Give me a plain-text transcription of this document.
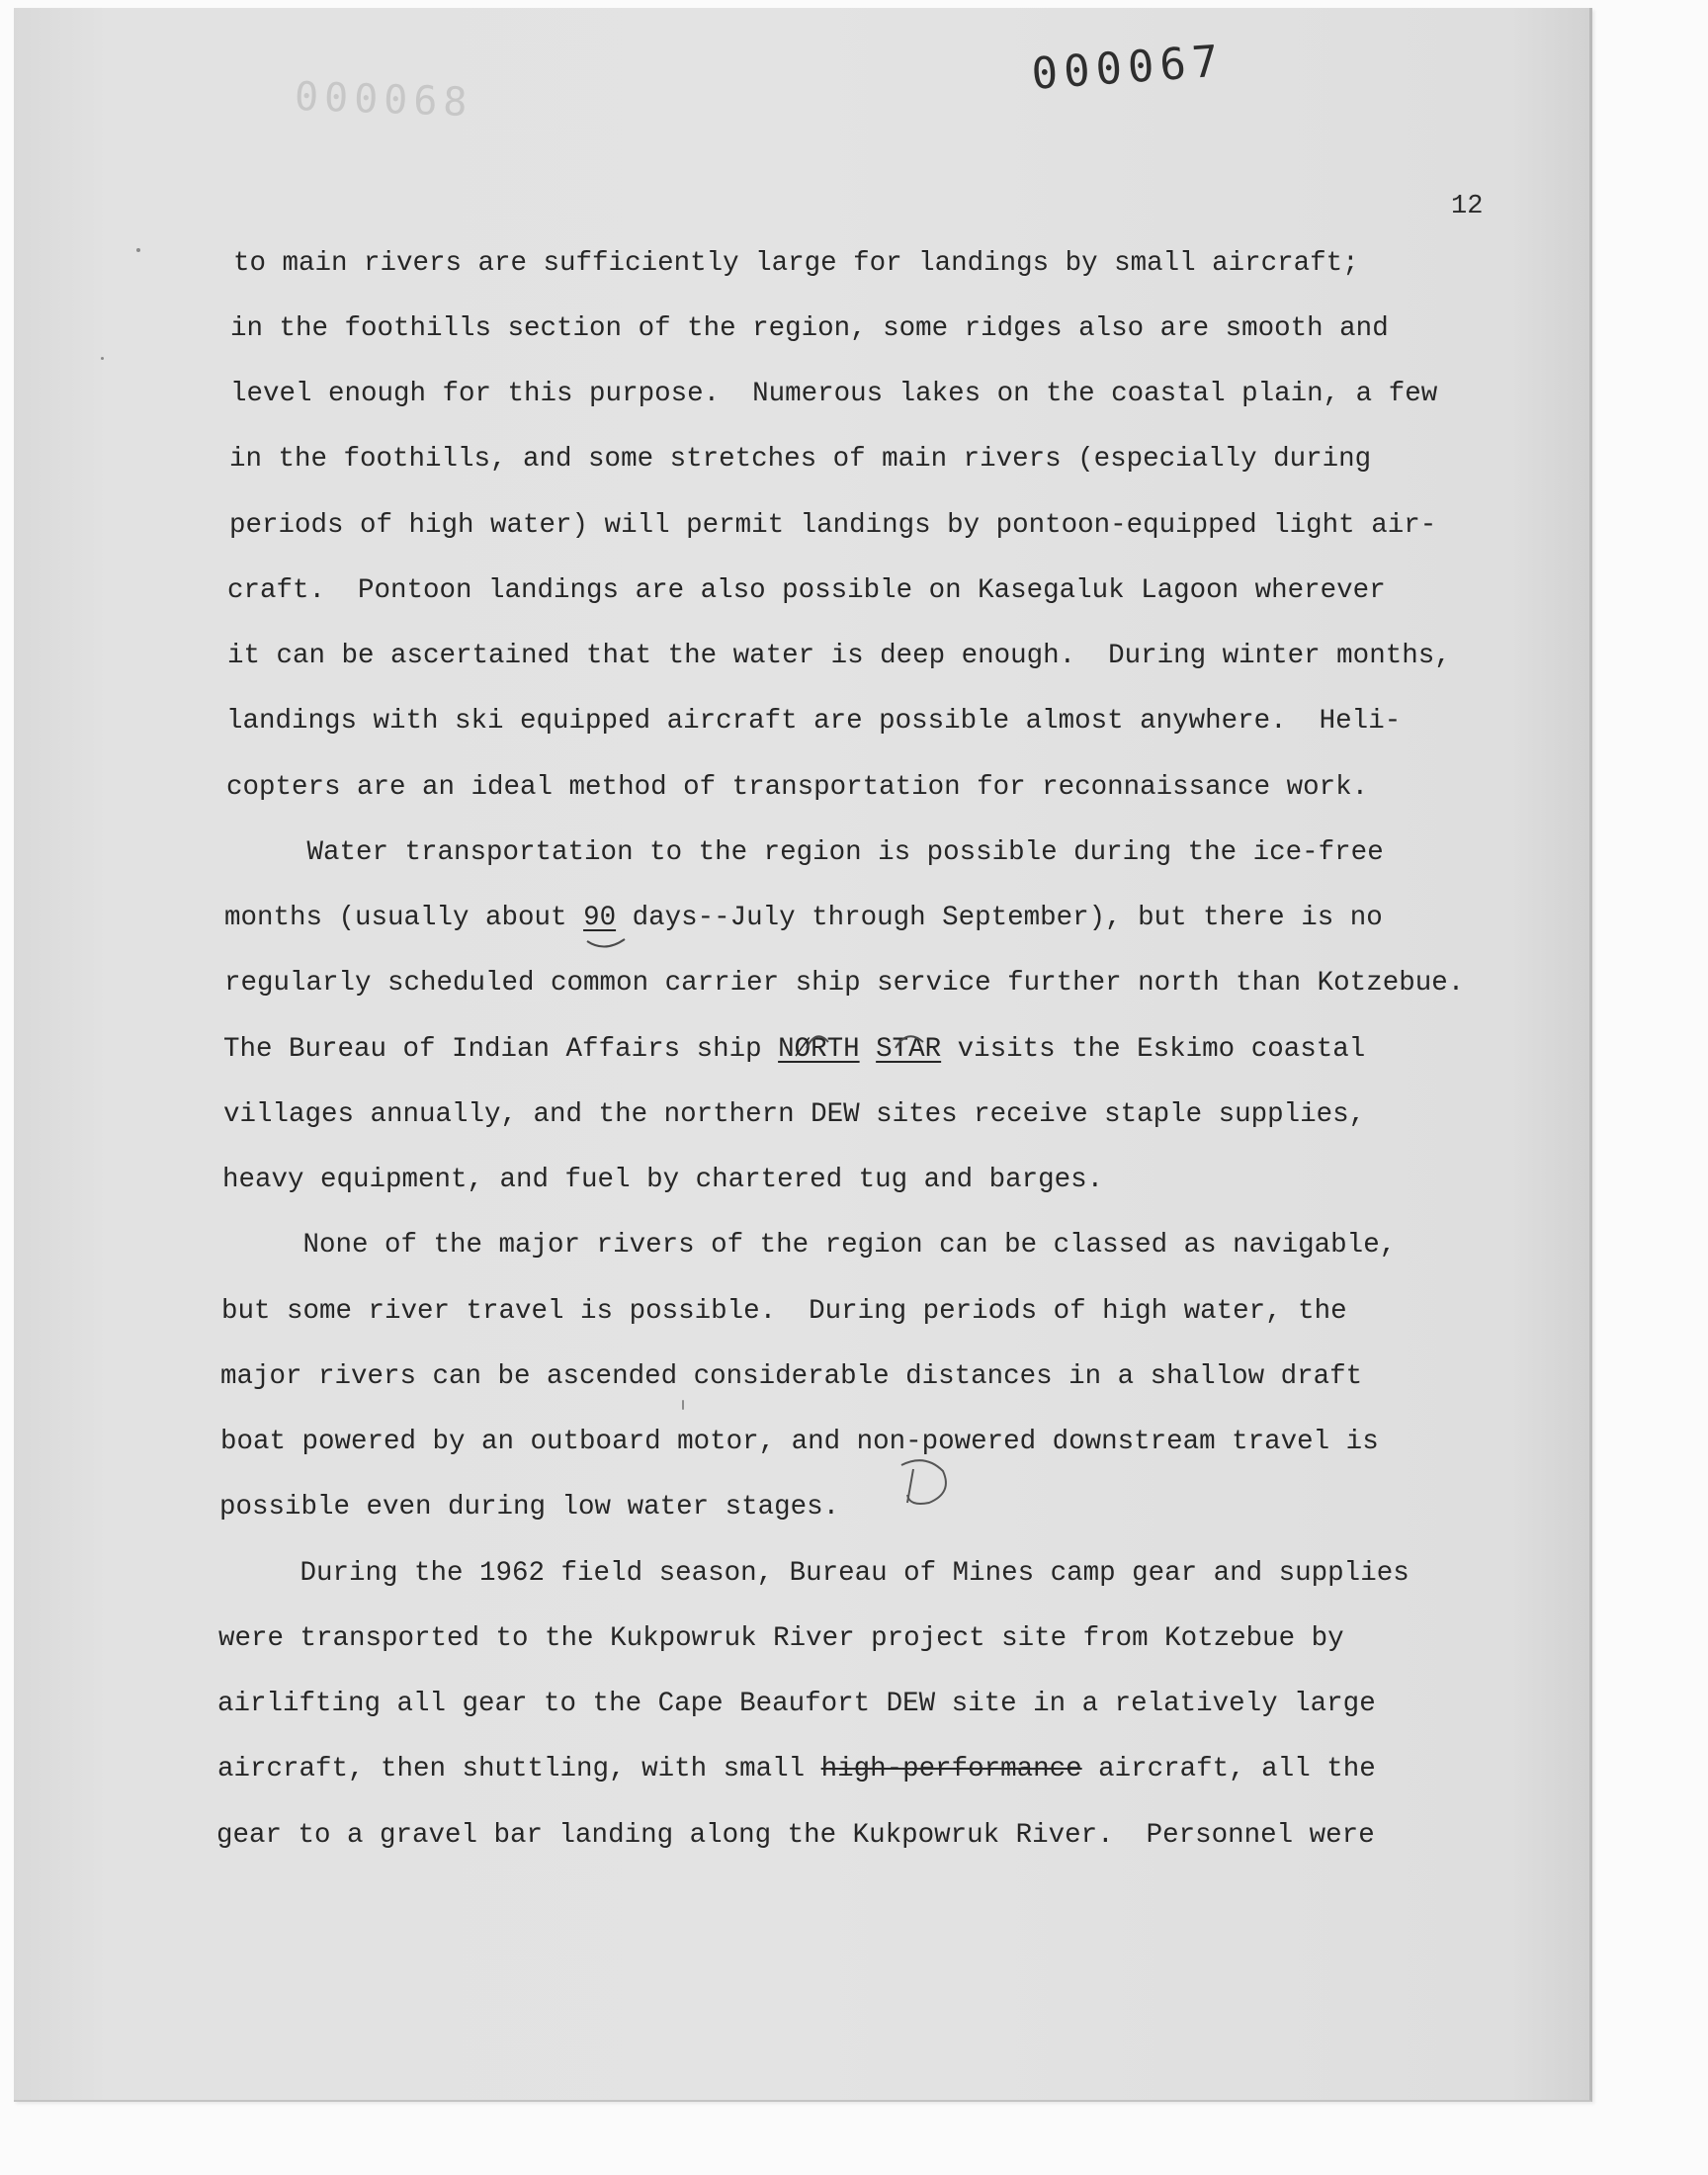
000068
000067
12
to main rivers are sufficiently large for landings by small aircraft;
in the foothills section of the region, some ridges also are smooth and
level enough for this purpose.  Numerous lakes on the coastal plain, a few
in the foothills, and some stretches of main rivers (especially during
periods of high water) will permit landings by pontoon-equipped light air-
craft.  Pontoon landings are also possible on Kasegaluk Lagoon wherever
it can be ascertained that the water is deep enough.  During winter months,
landings with ski equipped aircraft are possible almost anywhere.  Heli-
copters are an ideal method of transportation for reconnaissance work.
Water transportation to the region is possible during the ice-free
months (usually about 90 days--July through September), but there is no
regularly scheduled common carrier ship service further north than Kotzebue.
The Bureau of Indian Affairs ship NØRTH STAR visits the Eskimo coastal
villages annually, and the northern DEW sites receive staple supplies,
heavy equipment, and fuel by chartered tug and barges.
None of the major rivers of the region can be classed as navigable,
but some river travel is possible.  During periods of high water, the
major rivers can be ascended considerable distances in a shallow draft
boat powered by an outboard motor, and non-powered downstream travel is
possible even during low water stages.
During the 1962 field season, Bureau of Mines camp gear and supplies
were transported to the Kukpowruk River project site from Kotzebue by
airlifting all gear to the Cape Beaufort DEW site in a relatively large
aircraft, then shuttling, with small high-performance aircraft, all the
gear to a gravel bar landing along the Kukpowruk River.  Personnel were
